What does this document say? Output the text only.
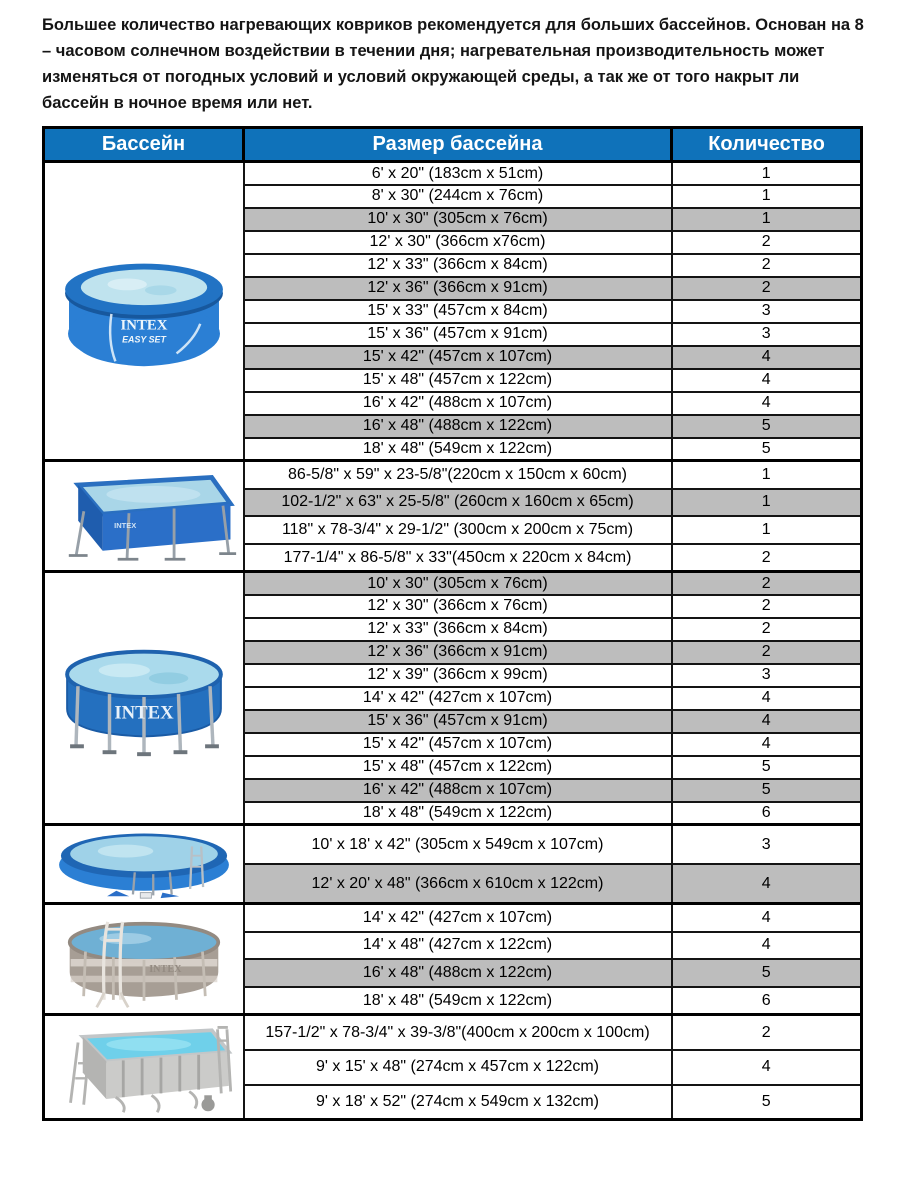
Большее количество нагревающих ковриков рекомендуется для больших бассейнов. Основан на 8 – часовом солнечном воздействии в течении дня; нагревательная производительность может изменяться от погодных условий и условий окружающей среды, а так же от того накрыт ли бассейн в ночное время или нет.

Бассейн	Размер бассейна	Количество

INTEX
EASY SET	6' x 20" (183cm x 51cm)	1
	8' x 30" (244cm x 76cm)	1
	10' x 30" (305cm x 76cm)	1
	12' x 30" (366cm x76cm)	2
	12' x 33" (366cm x 84cm)	2
	12' x 36" (366cm x 91cm)	2
	15' x 33" (457cm x 84cm)	3
	15' x 36" (457cm x 91cm)	3
	15' x 42" (457cm x 107cm)	4
	15' x 48" (457cm x 122cm)	4
	16' x 42" (488cm x 107cm)	4
	16' x 48" (488cm x 122cm)	5
	18' x 48" (549cm x 122cm)	5

INTEX	86-5/8" x 59" x 23-5/8"(220cm x 150cm x 60cm)	1
	102-1/2" x 63" x 25-5/8" (260cm x 160cm x 65cm)	1
	118" x 78-3/4" x 29-1/2" (300cm x 200cm x 75cm)	1
	177-1/4" x 86-5/8" x 33"(450cm x 220cm x 84cm)	2

INTEX	10' x 30" (305cm x 76cm)	2
	12' x 30" (366cm x 76cm)	2
	12' x 33" (366cm x 84cm)	2
	12' x 36" (366cm x 91cm)	2
	12' x 39" (366cm x 99cm)	3
	14' x 42" (427cm x 107cm)	4
	15' x 36" (457cm x 91cm)	4
	15' x 42" (457cm x 107cm)	4
	15' x 48" (457cm x 122cm)	5
	16' x 42" (488cm x 107cm)	5
	18' x 48" (549cm x 122cm)	6

	10' x 18' x 42" (305cm x 549cm x 107cm)	3
	12' x 20' x 48" (366cm x 610cm x 122cm)	4

INTEX	14' x 42" (427cm x 107cm)	4
	14' x 48" (427cm x 122cm)	4
	16' x 48" (488cm x 122cm)	5
	18' x 48" (549cm x 122cm)	6

	157-1/2" x 78-3/4" x 39-3/8"(400cm x 200cm x 100cm)	2
	9' x 15' x 48" (274cm x 457cm x 122cm)	4
	9' x 18' x 52" (274cm x 549cm x 132cm)	5
